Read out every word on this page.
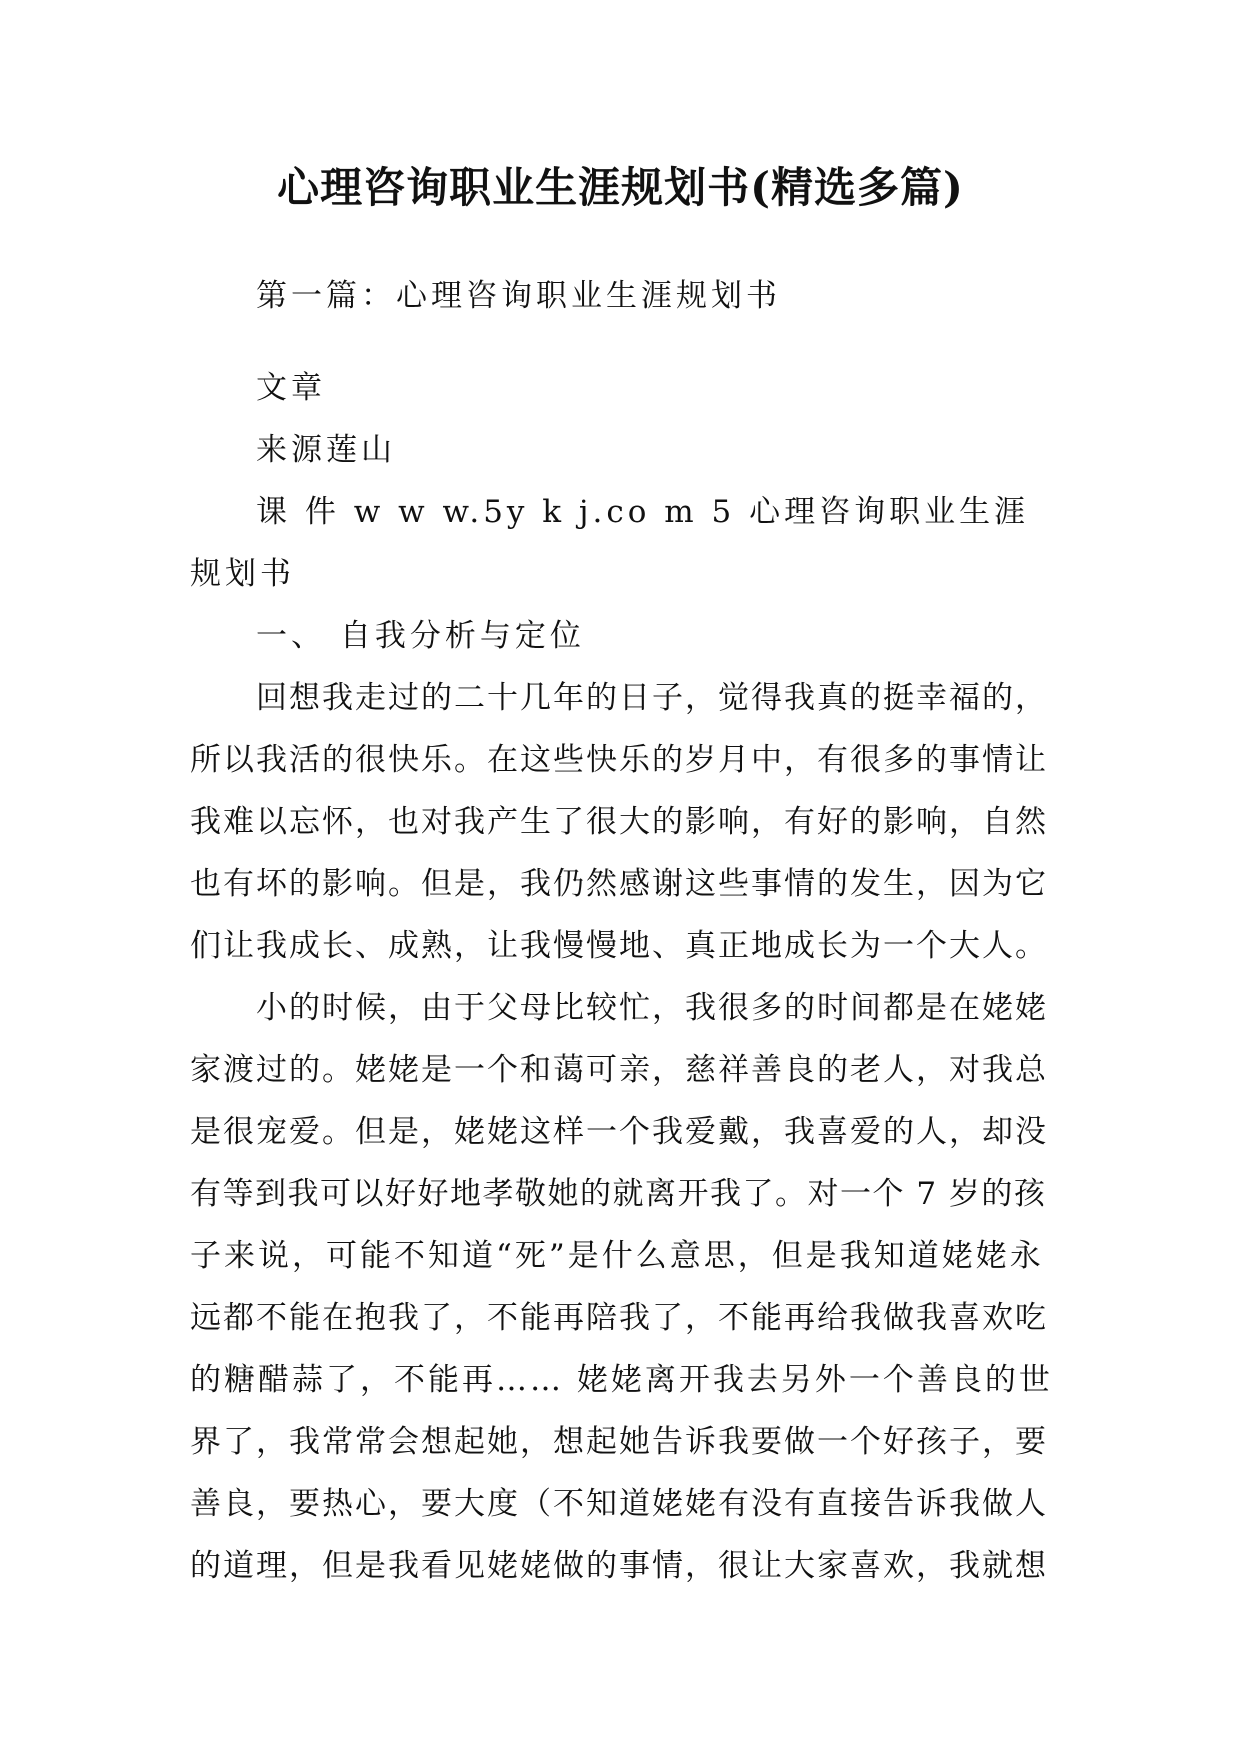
心理咨询职业生涯规划书(精选多篇)

第一篇：心理咨询职业生涯规划书

文章
来源莲山
课 件 w w w.5y k j.co m 5 心理咨询职业生涯
规划书
一、 自我分析与定位
回想我走过的二十几年的日子，觉得我真的挺幸福的，
所以我活的很快乐。在这些快乐的岁月中，有很多的事情让
我难以忘怀，也对我产生了很大的影响，有好的影响，自然
也有坏的影响。但是，我仍然感谢这些事情的发生，因为它
们让我成长、成熟，让我慢慢地、真正地成长为一个大人。
小的时候，由于父母比较忙，我很多的时间都是在姥姥
家渡过的。姥姥是一个和蔼可亲，慈祥善良的老人，对我总
是很宠爱。但是，姥姥这样一个我爱戴，我喜爱的人，却没
有等到我可以好好地孝敬她的就离开我了。对一个 7 岁的孩
子来说，可能不知道“死”是什么意思，但是我知道姥姥永
远都不能在抱我了，不能再陪我了，不能再给我做我喜欢吃
的糖醋蒜了，不能再…… 姥姥离开我去另外一个善良的世
界了，我常常会想起她，想起她告诉我要做一个好孩子，要
善良，要热心，要大度（不知道姥姥有没有直接告诉我做人
的道理，但是我看见姥姥做的事情，很让大家喜欢，我就想
